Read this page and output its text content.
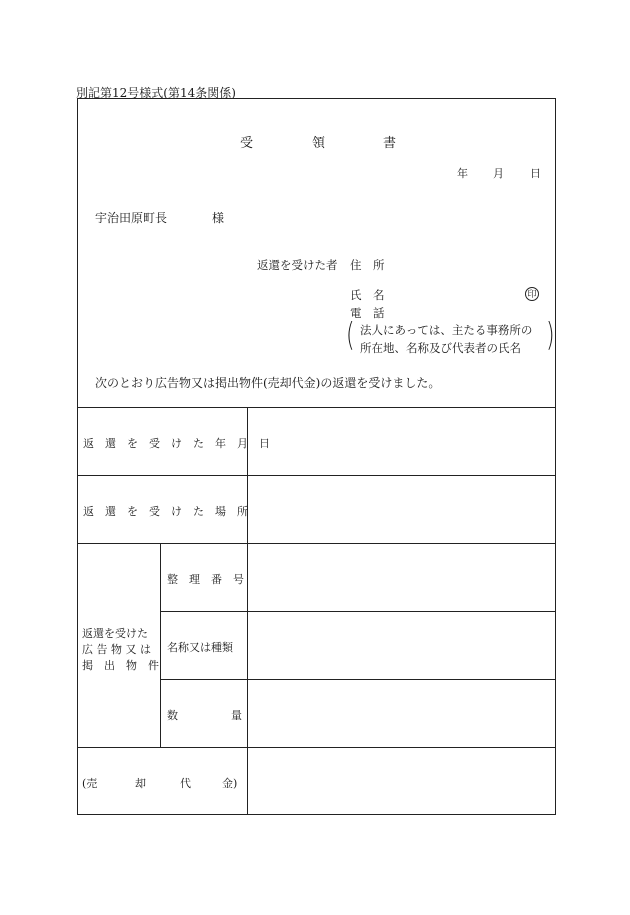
別記第12号様式(第14条関係)
受	領	書
年 月 日
宇治田原町長	様
返還を受けた者 住　所
氏　名	印
電　話
(	)
法人にあっては、主たる事務所の
所在地、名称及び代表者の氏名
次のとおり広告物又は掲出物件(売却代金)の返還を受けました。
返　還　を　受　け　た　年　月　日
返　還　を　受　け　た　場　所
返還を受けた
広 告 物 又 は
掲　出　物　件
整　理　番　号
名称又は種類
数	量
(売	却	代	金)
